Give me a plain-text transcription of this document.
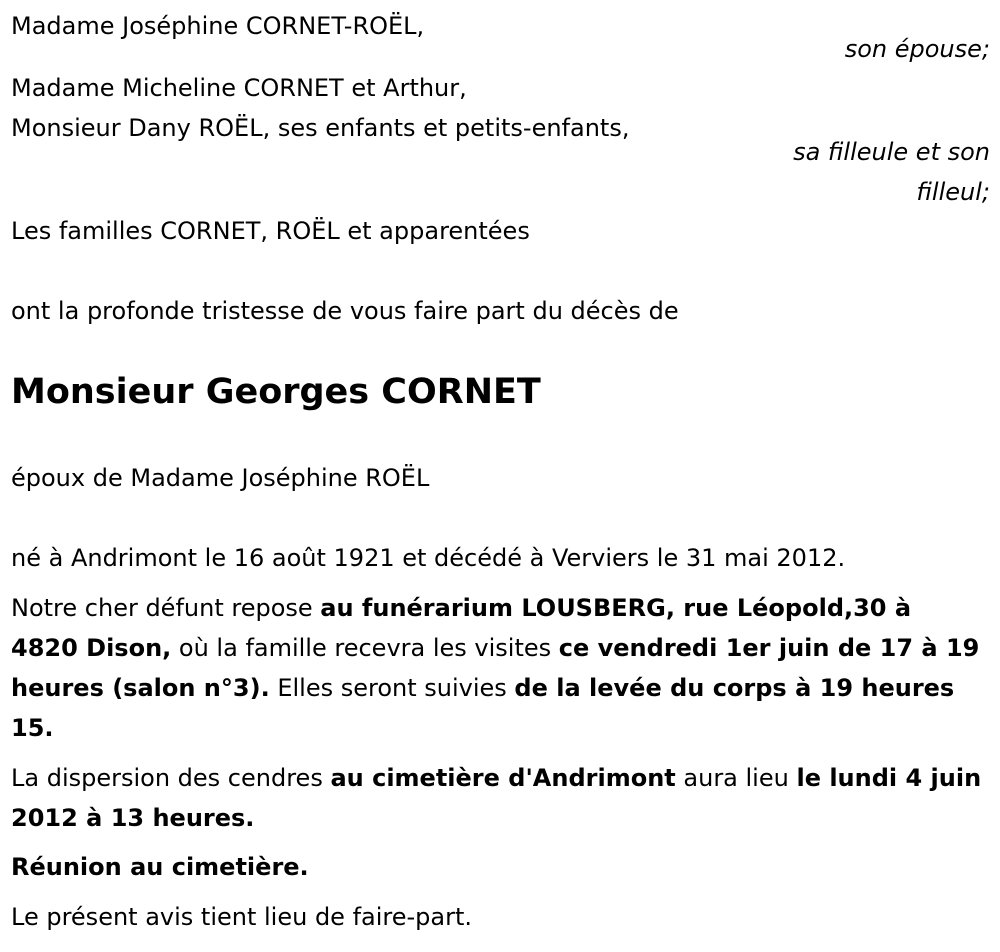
Madame Joséphine CORNET-ROËL,
son épouse;
Madame Micheline CORNET et Arthur,
Monsieur Dany ROËL, ses enfants et petits-enfants,
sa filleule et son
filleul;
Les familles CORNET, ROËL et apparentées
ont la profonde tristesse de vous faire part du décès de
Monsieur Georges CORNET
époux de Madame Joséphine ROËL
né à Andrimont le 16 août 1921 et décédé à Verviers le 31 mai 2012.
Notre cher défunt repose au funérarium LOUSBERG, rue Léopold,30 à 4820 Dison, où la famille recevra les visites ce vendredi 1er juin de 17 à 19 heures (salon n°3). Elles seront suivies de la levée du corps à 19 heures 15.
La dispersion des cendres au cimetière d'Andrimont aura lieu le lundi 4 juin 2012 à 13 heures.
Réunion au cimetière.
Le présent avis tient lieu de faire-part.
